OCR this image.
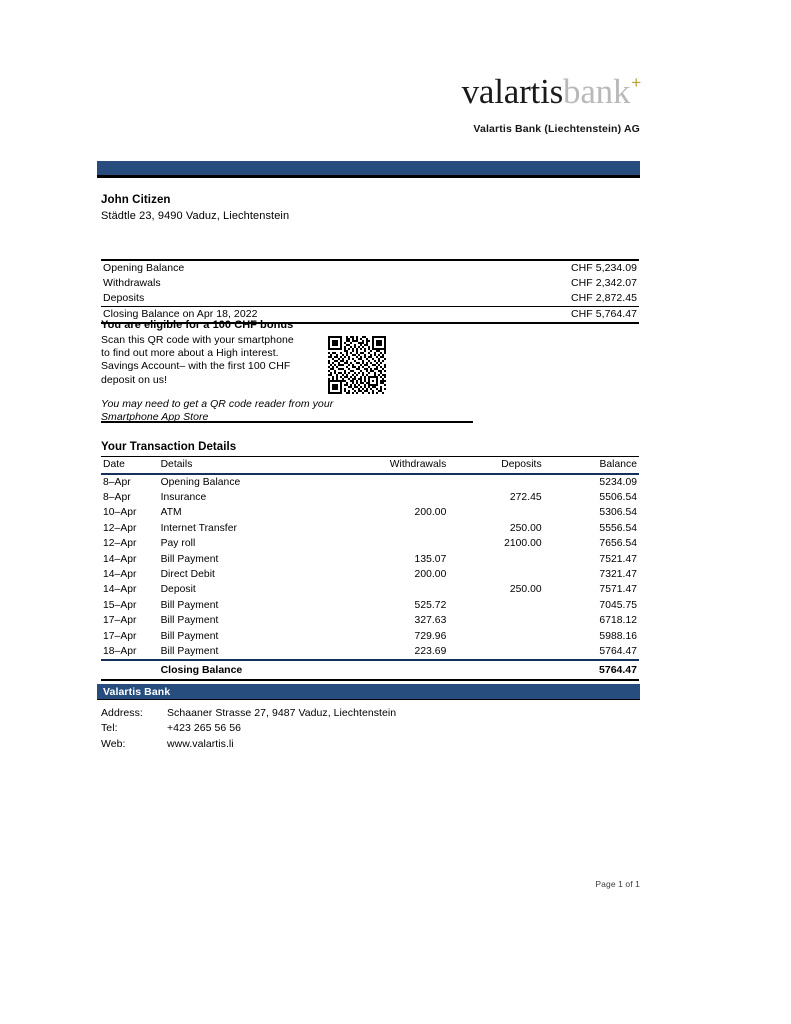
valartisbank+
Valartis Bank (Liechtenstein) AG
John Citizen
Städtle 23, 9490 Vaduz, Liechtenstein
Opening Balance	CHF 5,234.09
Withdrawals	CHF 2,342.07
Deposits	CHF 2,872.45
Closing Balance on Apr 18, 2022	CHF 5,764.47
You are eligible for a 100 CHF bonus
Scan this QR code with your smartphone to find out more about a High interest. Savings Account– with the first 100 CHF deposit on us!
You may need to get a QR code reader from your Smartphone App Store
Your Transaction Details
Date	Details	Withdrawals	Deposits	Balance
8–Apr	Opening Balance			5234.09
8–Apr	Insurance		272.45	5506.54
10–Apr	ATM	200.00		5306.54
12–Apr	Internet Transfer		250.00	5556.54
12–Apr	Pay roll		2100.00	7656.54
14–Apr	Bill Payment	135.07		7521.47
14–Apr	Direct Debit	200.00		7321.47
14–Apr	Deposit		250.00	7571.47
15–Apr	Bill Payment	525.72		7045.75
17–Apr	Bill Payment	327.63		6718.12
17–Apr	Bill Payment	729.96		5988.16
18–Apr	Bill Payment	223.69		5764.47
	Closing Balance			5764.47
Valartis Bank
Address:	Schaaner Strasse 27, 9487 Vaduz, Liechtenstein
Tel:	+423 265 56 56
Web:	www.valartis.li
Page 1 of 1
